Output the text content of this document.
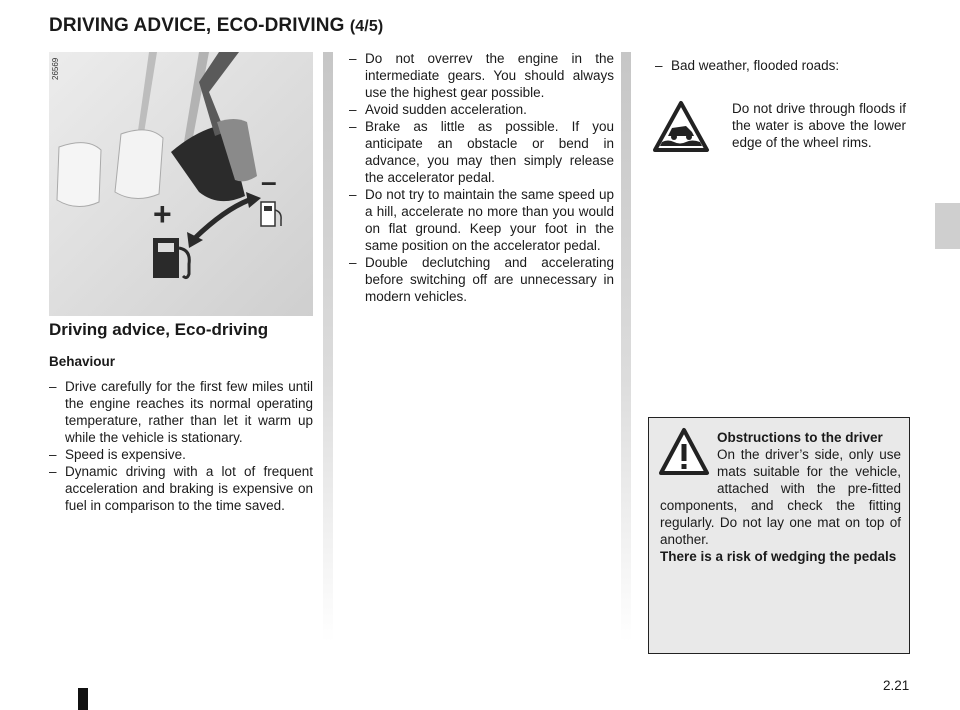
DRIVING ADVICE, ECO-DRIVING (4/5)
26569
+
–
Driving advice, Eco-driving
Behaviour
– Drive carefully for the first few miles until the engine reaches its normal operating temperature, rather than let it warm up while the vehicle is stationary.
– Speed is expensive.
– Dynamic driving with a lot of frequent acceleration and braking is expensive on fuel in comparison to the time saved.
– Do not overrev the engine in the intermediate gears. You should always use the highest gear possible.
– Avoid sudden acceleration.
– Brake as little as possible. If you anticipate an obstacle or bend in advance, you may then simply release the accelerator pedal.
– Do not try to maintain the same speed up a hill, accelerate no more than you would on flat ground. Keep your foot in the same position on the accelerator pedal.
– Double declutching and accelerating before switching off are unnecessary in modern vehicles.
– Bad weather, flooded roads:
Do not drive through floods if the water is above the lower edge of the wheel rims.

Obstructions to the driver
On the driver’s side, only use mats suitable for the vehicle, attached with the pre-fitted components, and check the fitting regularly. Do not lay one mat on top of another.
There is a risk of wedging the pedals

2.21
